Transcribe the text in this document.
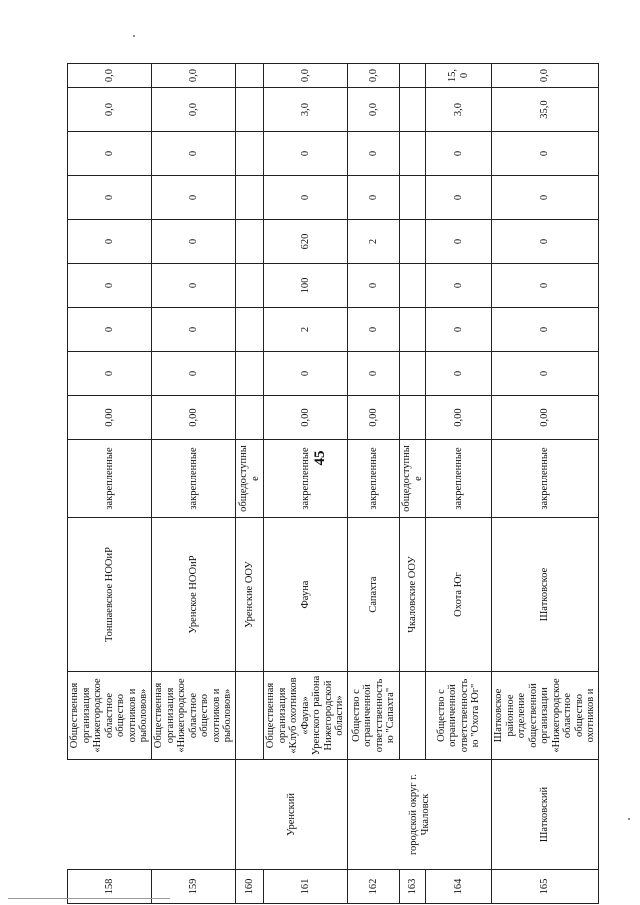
45
158		Общественная организация «Нижегородское областное общество охотников и рыболовов»	Тоншаевское НООиР	закрепленные	0,00	0	0	0	0	0	0	0,0	0,0
159		Общественная организация «Нижегородское областное общество охотников и рыболовов»	Уренское НООиР	закрепленные	0,00	0	0	0	0	0	0	0,0	0,0
160	Уренский		Уренские ООУ	общедоступные									
161		Общественная организация «Клуб охотников «Фауна» Уренского района Нижегородской области»	Фауна	закрепленные	0,00	0	2	100	620	0	0	3,0	0,0
162	городской округ г. Чкаловск	Общество с ограниченной ответственностью "Сапахта"	Сапахта	закрепленные	0,00	0	0	0	2	0	0	0,0	0,0
163			Чкаловские ООУ	общедоступные									
164		Общество с ограниченной ответственностью "Охота Юг"	Охота Юг	закрепленные	0,00	0	0	0	0	0	0	3,0	15,0
165	Шатковский	Шатковское районное отделение общественной организации «Нижегородское областное общество охотников и	Шатковское	закрепленные	0,00	0	0	0	0	0	0	35,0	0,0
